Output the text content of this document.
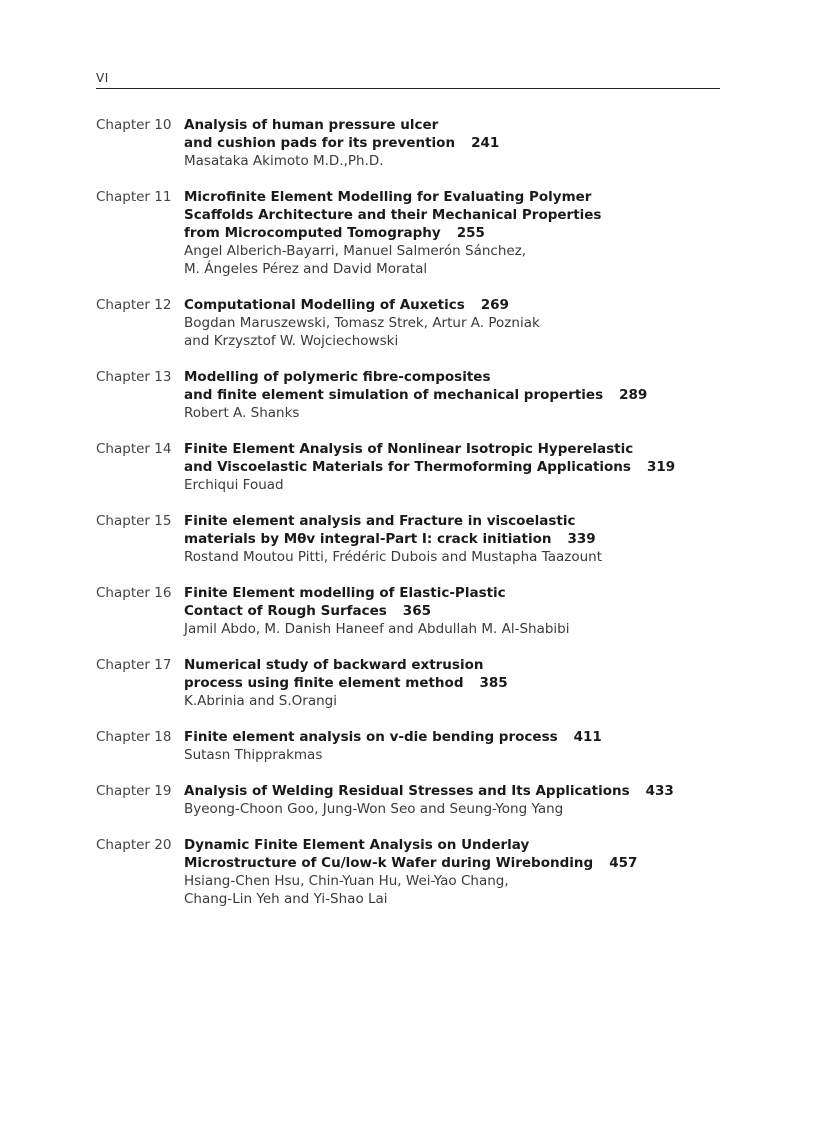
VI
Chapter 10 Analysis of human pressure ulcer
and cushion pads for its prevention 241
Masataka Akimoto M.D.,Ph.D.
Chapter 11 Microfinite Element Modelling for Evaluating Polymer
Scaffolds Architecture and their Mechanical Properties
from Microcomputed Tomography 255
Angel Alberich-Bayarri, Manuel Salmerón Sánchez,
M. Ángeles Pérez and David Moratal
Chapter 12 Computational Modelling of Auxetics 269
Bogdan Maruszewski, Tomasz Strek, Artur A. Pozniak
and Krzysztof W. Wojciechowski
Chapter 13 Modelling of polymeric fibre-composites
and finite element simulation of mechanical properties 289
Robert A. Shanks
Chapter 14 Finite Element Analysis of Nonlinear Isotropic Hyperelastic
and Viscoelastic Materials for Thermoforming Applications 319
Erchiqui Fouad
Chapter 15 Finite element analysis and Fracture in viscoelastic
materials by Mθv integral-Part I: crack initiation 339
Rostand Moutou Pitti, Frédéric Dubois and Mustapha Taazount
Chapter 16 Finite Element modelling of Elastic-Plastic
Contact of Rough Surfaces 365
Jamil Abdo, M. Danish Haneef and Abdullah M. Al-Shabibi
Chapter 17 Numerical study of backward extrusion
process using finite element method 385
K.Abrinia and S.Orangi
Chapter 18 Finite element analysis on v-die bending process 411
Sutasn Thipprakmas
Chapter 19 Analysis of Welding Residual Stresses and Its Applications 433
Byeong-Choon Goo, Jung-Won Seo and Seung-Yong Yang
Chapter 20 Dynamic Finite Element Analysis on Underlay
Microstructure of Cu/low-k Wafer during Wirebonding 457
Hsiang-Chen Hsu, Chin-Yuan Hu, Wei-Yao Chang,
Chang-Lin Yeh and Yi-Shao Lai
